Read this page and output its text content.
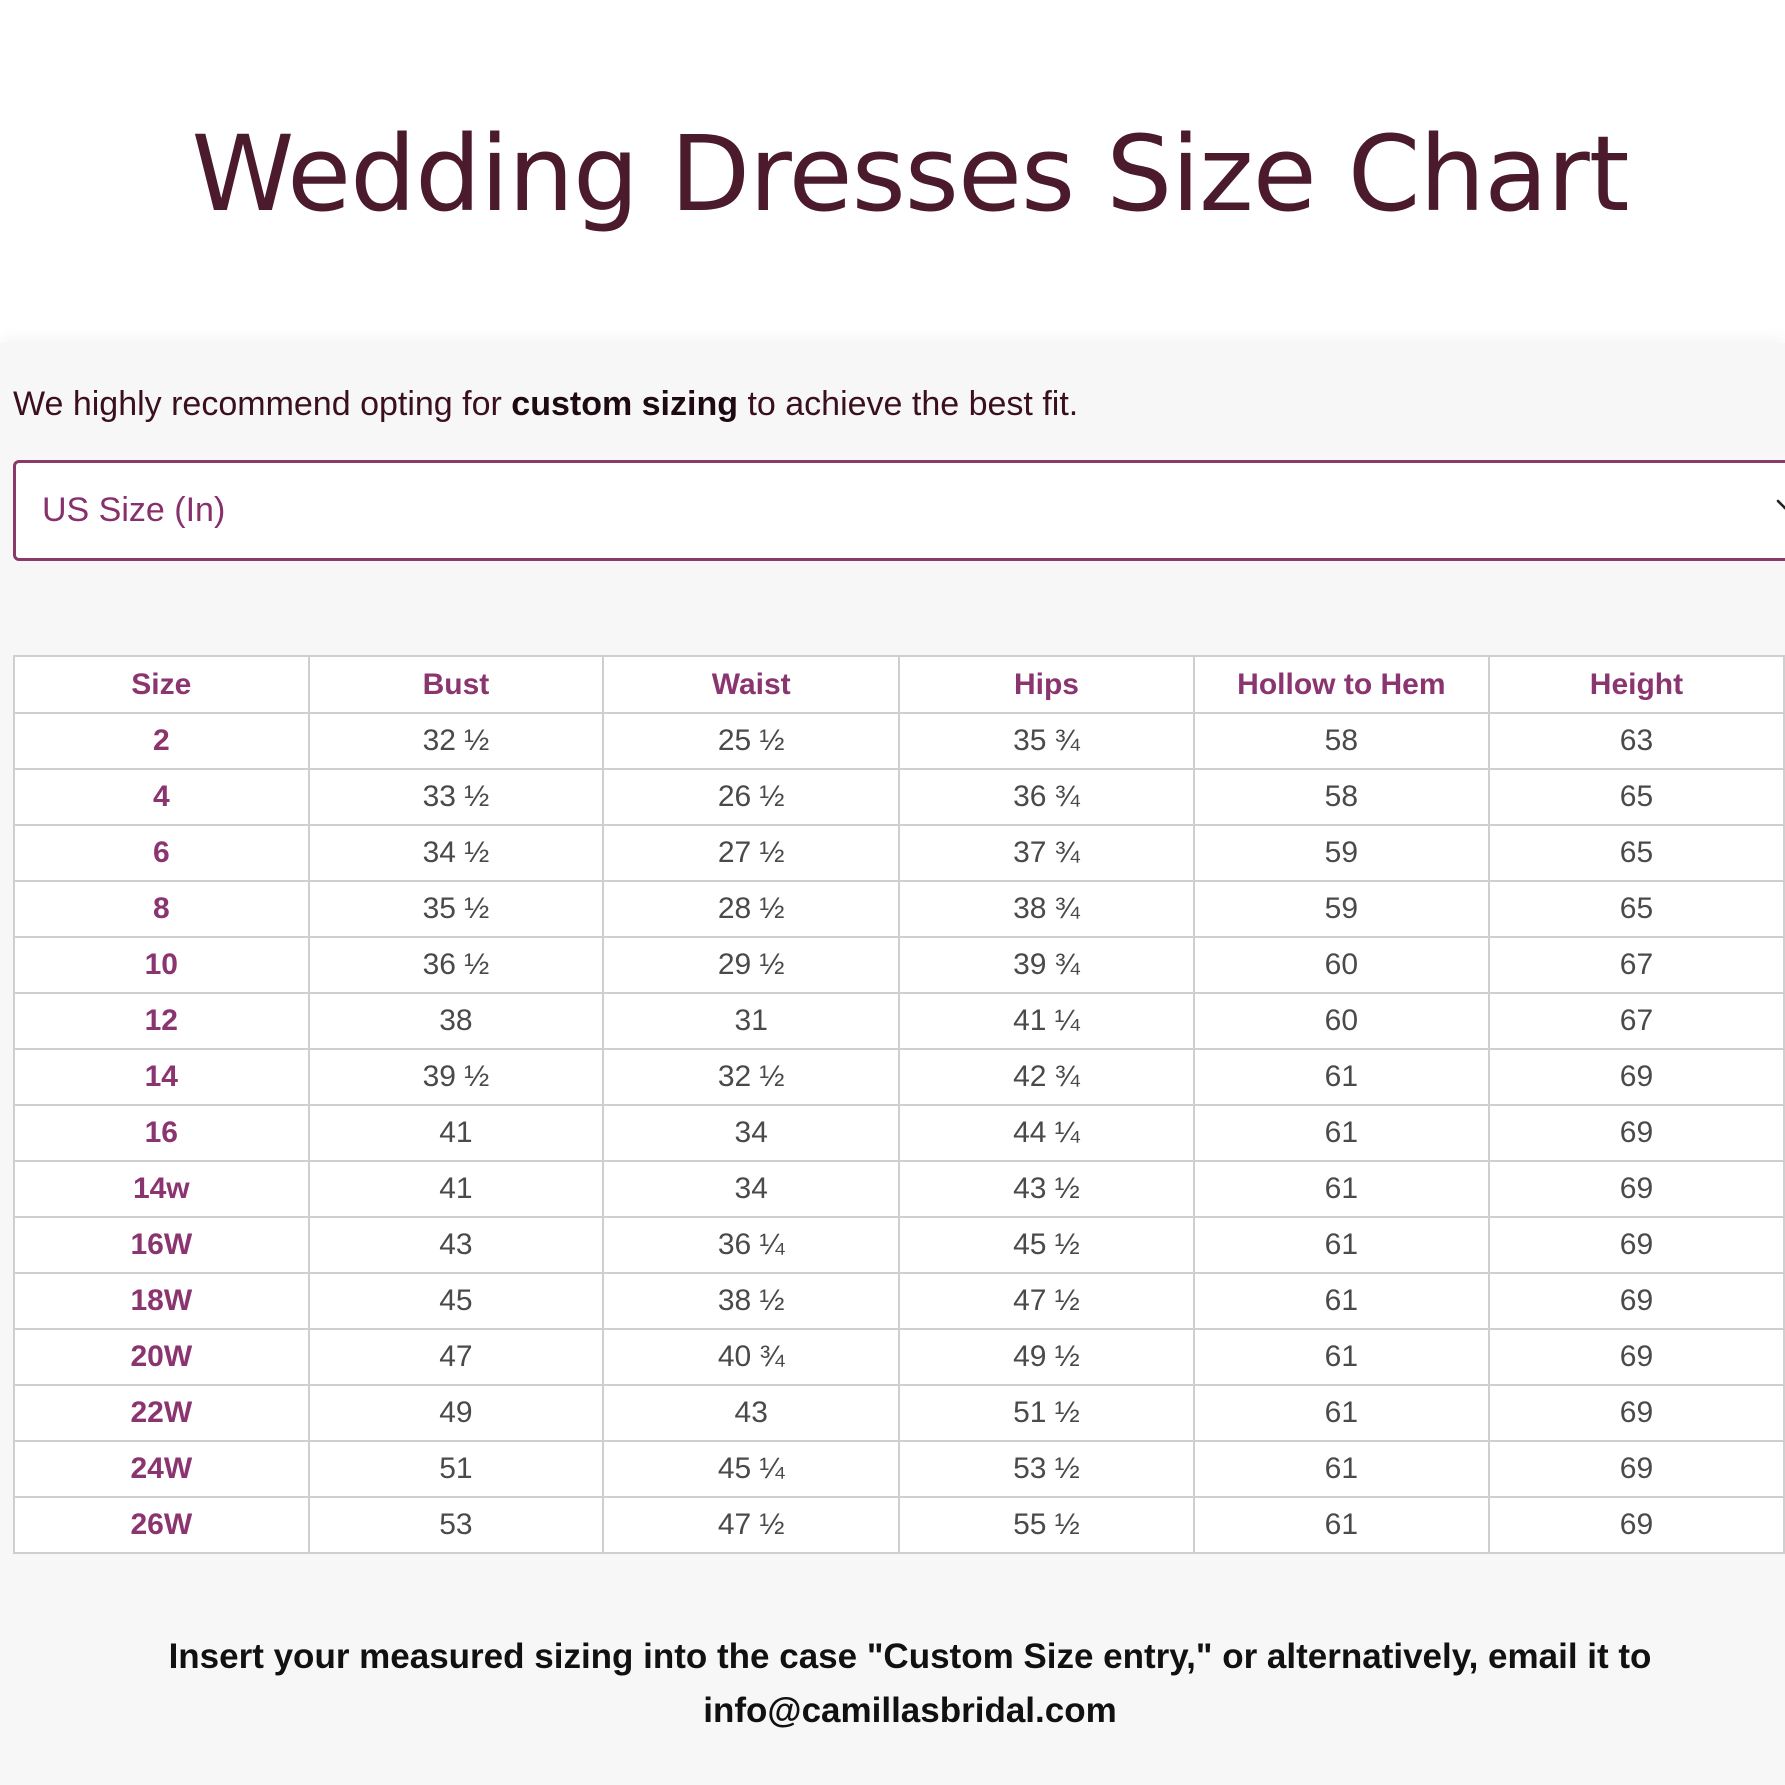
Wedding Dresses Size Chart

We highly recommend opting for custom sizing to achieve the best fit.

US Size (In)
Size	Bust	Waist	Hips	Hollow to Hem	Height
2	32 ½	25 ½	35 ¾	58	63
4	33 ½	26 ½	36 ¾	58	65
6	34 ½	27 ½	37 ¾	59	65
8	35 ½	28 ½	38 ¾	59	65
10	36 ½	29 ½	39 ¾	60	67
12	38	31	41 ¼	60	67
14	39 ½	32 ½	42 ¾	61	69
16	41	34	44 ¼	61	69
14w	41	34	43 ½	61	69
16W	43	36 ¼	45 ½	61	69
18W	45	38 ½	47 ½	61	69
20W	47	40 ¾	49 ½	61	69
22W	49	43	51 ½	61	69
24W	51	45 ¼	53 ½	61	69
26W	53	47 ½	55 ½	61	69

Insert your measured sizing into the case "Custom Size entry," or alternatively, email it to
info@camillasbridal.com
